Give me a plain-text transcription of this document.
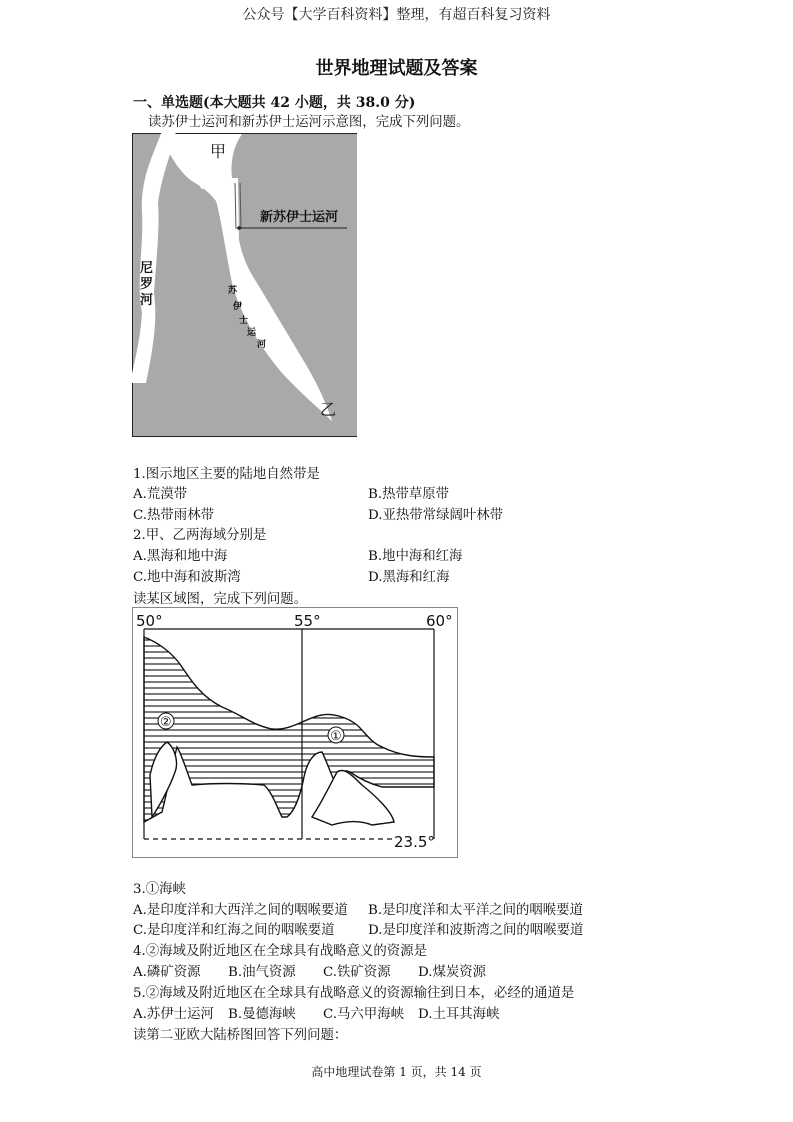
公众号【大学百科资料】整理，有超百科复习资料
世界地理试题及答案
一、单选题(本大题共 42 小题，共 38.0 分)
读苏伊士运河和新苏伊士运河示意图，完成下列问题。
甲
乙
新苏伊士运河
尼
罗
河
苏
伊
士
运
河
1.图示地区主要的陆地自然带是
A.荒漠带	B.热带草原带
C.热带雨林带	D.亚热带常绿阔叶林带
2.甲、乙两海域分别是
A.黑海和地中海	B.地中海和红海
C.地中海和波斯湾	D.黑海和红海
读某区域图，完成下列问题。
①
②
50°	55°	60°
23.5°
3.①海峡
A.是印度洋和大西洋之间的咽喉要道 B.是印度洋和太平洋之间的咽喉要道
C.是印度洋和红海之间的咽喉要道	D.是印度洋和波斯湾之间的咽喉要道
4.②海域及附近地区在全球具有战略意义的资源是
A.磷矿资源 B.油气资源 C.铁矿资源 D.煤炭资源
5.②海域及附近地区在全球具有战略意义的资源输往到日本，必经的通道是
A.苏伊士运河 B.曼德海峡 C.马六甲海峡 D.土耳其海峡
读第二亚欧大陆桥图回答下列问题：
高中地理试卷第 1 页，共 14 页
